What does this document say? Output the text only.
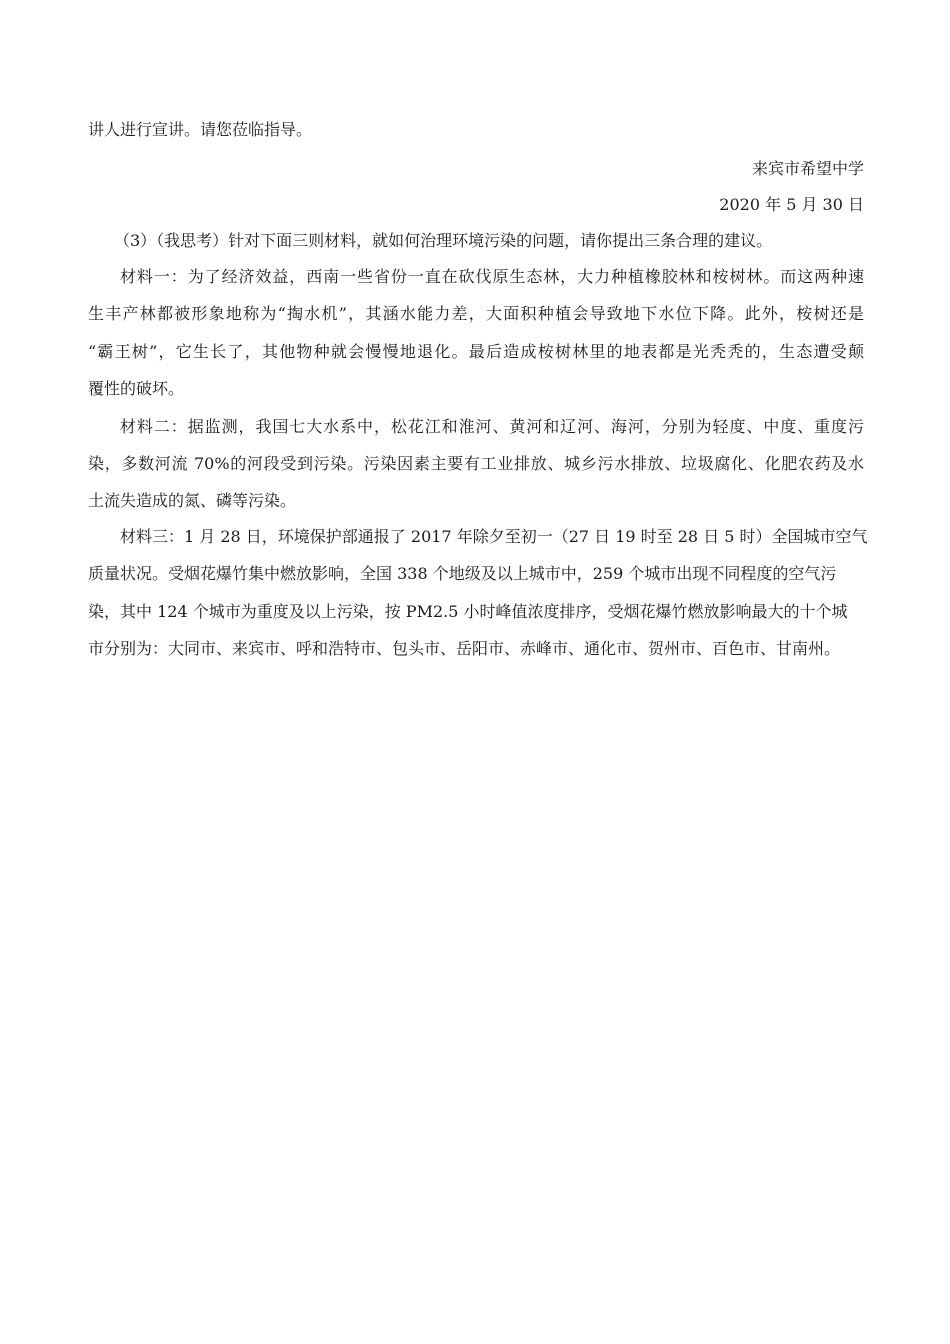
讲人进行宣讲。请您莅临指导。
来宾市希望中学
2020 年 5 月 30 日
（3）（我思考）针对下面三则材料，就如何治理环境污染的问题，请你提出三条合理的建议。
材料一：为了经济效益，西南一些省份一直在砍伐原生态林，大力种植橡胶林和桉树林。而这两种速
生丰产林都被形象地称为“掏水机”，其涵水能力差，大面积种植会导致地下水位下降。此外，桉树还是
“霸王树”，它生长了，其他物种就会慢慢地退化。最后造成桉树林里的地表都是光秃秃的，生态遭受颠
覆性的破坏。
材料二：据监测，我国七大水系中，松花江和淮河、黄河和辽河、海河，分别为轻度、中度、重度污
染，多数河流 70%的河段受到污染。污染因素主要有工业排放、城乡污水排放、垃圾腐化、化肥农药及水
土流失造成的氮、磷等污染。
材料三：1 月 28 日，环境保护部通报了 2017 年除夕至初一（27 日 19 时至 28 日 5 时）全国城市空气
质量状况。受烟花爆竹集中燃放影响，全国 338 个地级及以上城市中，259 个城市出现不同程度的空气污
染，其中 124 个城市为重度及以上污染，按 PM2.5 小时峰值浓度排序，受烟花爆竹燃放影响最大的十个城
市分别为：大同市、来宾市、呼和浩特市、包头市、岳阳市、赤峰市、通化市、贺州市、百色市、甘南州。
